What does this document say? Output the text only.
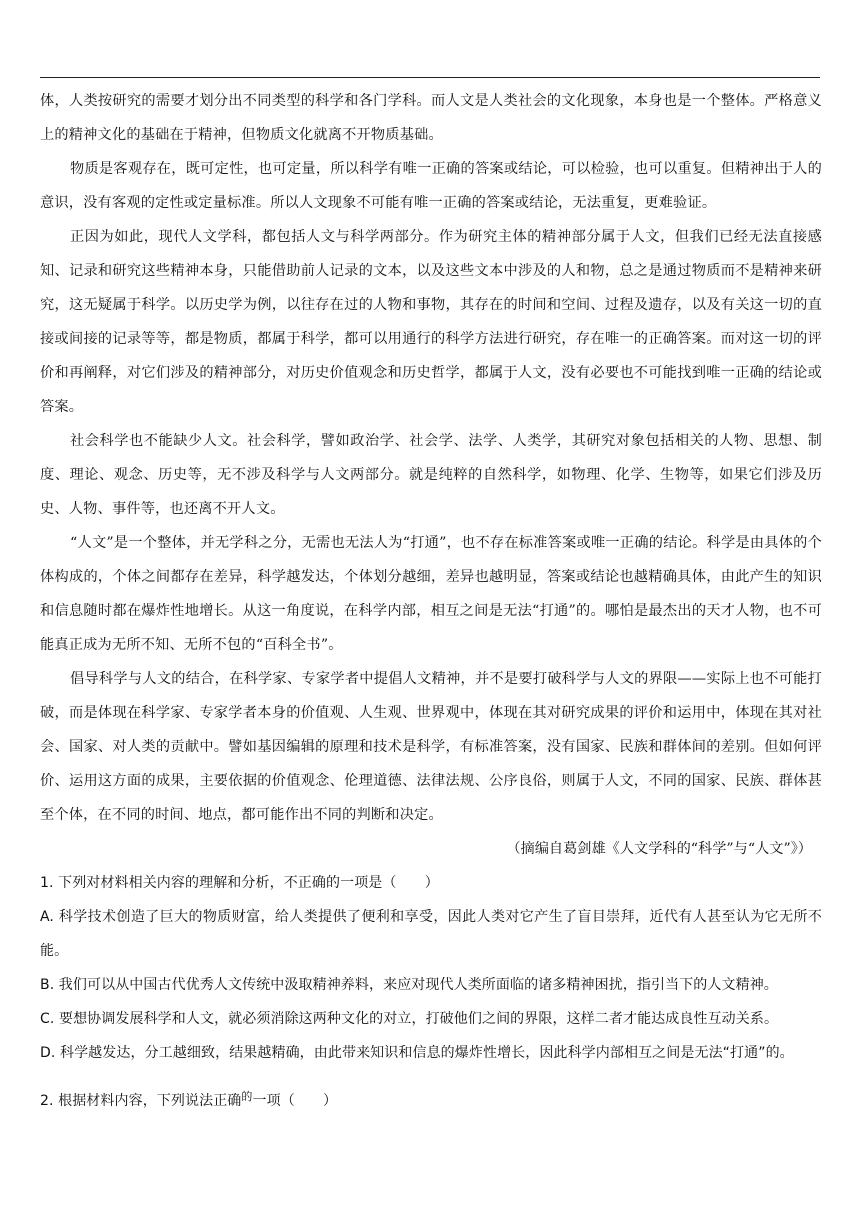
体，人类按研究的需要才划分出不同类型的科学和各门学科。而人文是人类社会的文化现象，本身也是一个整体。严格意义上的精神文化的基础在于精神，但物质文化就离不开物质基础。

物质是客观存在，既可定性，也可定量，所以科学有唯一正确的答案或结论，可以检验，也可以重复。但精神出于人的意识，没有客观的定性或定量标准。所以人文现象不可能有唯一正确的答案或结论，无法重复，更难验证。

正因为如此，现代人文学科，都包括人文与科学两部分。作为研究主体的精神部分属于人文，但我们已经无法直接感知、记录和研究这些精神本身，只能借助前人记录的文本，以及这些文本中涉及的人和物，总之是通过物质而不是精神来研究，这无疑属于科学。以历史学为例，以往存在过的人物和事物，其存在的时间和空间、过程及遗存，以及有关这一切的直接或间接的记录等等，都是物质，都属于科学，都可以用通行的科学方法进行研究，存在唯一的正确答案。而对这一切的评价和再阐释，对它们涉及的精神部分，对历史价值观念和历史哲学，都属于人文，没有必要也不可能找到唯一正确的结论或答案。

社会科学也不能缺少人文。社会科学，譬如政治学、社会学、法学、人类学，其研究对象包括相关的人物、思想、制度、理论、观念、历史等，无不涉及科学与人文两部分。就是纯粹的自然科学，如物理、化学、生物等，如果它们涉及历史、人物、事件等，也还离不开人文。

“人文”是一个整体，并无学科之分，无需也无法人为“打通”，也不存在标准答案或唯一正确的结论。科学是由具体的个体构成的，个体之间都存在差异，科学越发达，个体划分越细，差异也越明显，答案或结论也越精确具体，由此产生的知识和信息随时都在爆炸性地增长。从这一角度说，在科学内部，相互之间是无法“打通”的。哪怕是最杰出的天才人物，也不可能真正成为无所不知、无所不包的“百科全书”。

倡导科学与人文的结合，在科学家、专家学者中提倡人文精神，并不是要打破科学与人文的界限——实际上也不可能打破，而是体现在科学家、专家学者本身的价值观、人生观、世界观中，体现在其对研究成果的评价和运用中，体现在其对社会、国家、对人类的贡献中。譬如基因编辑的原理和技术是科学，有标准答案，没有国家、民族和群体间的差别。但如何评价、运用这方面的成果，主要依据的价值观念、伦理道德、法律法规、公序良俗，则属于人文，不同的国家、民族、群体甚至个体，在不同的时间、地点，都可能作出不同的判断和决定。

（摘编自葛剑雄《人文学科的“科学”与“人文”》）

1. 下列对材料相关内容的理解和分析，不正确的一项是（　　）

A. 科学技术创造了巨大的物质财富，给人类提供了便利和享受，因此人类对它产生了盲目崇拜，近代有人甚至认为它无所不能。

B. 我们可以从中国古代优秀人文传统中汲取精神养料，来应对现代人类所面临的诸多精神困扰，指引当下的人文精神。

C. 要想协调发展科学和人文，就必须消除这两种文化的对立，打破他们之间的界限，这样二者才能达成良性互动关系。

D. 科学越发达，分工越细致，结果越精确，由此带来知识和信息的爆炸性增长，因此科学内部相互之间是无法“打通”的。

2. 根据材料内容，下列说法正确$^的$一项（　　）
